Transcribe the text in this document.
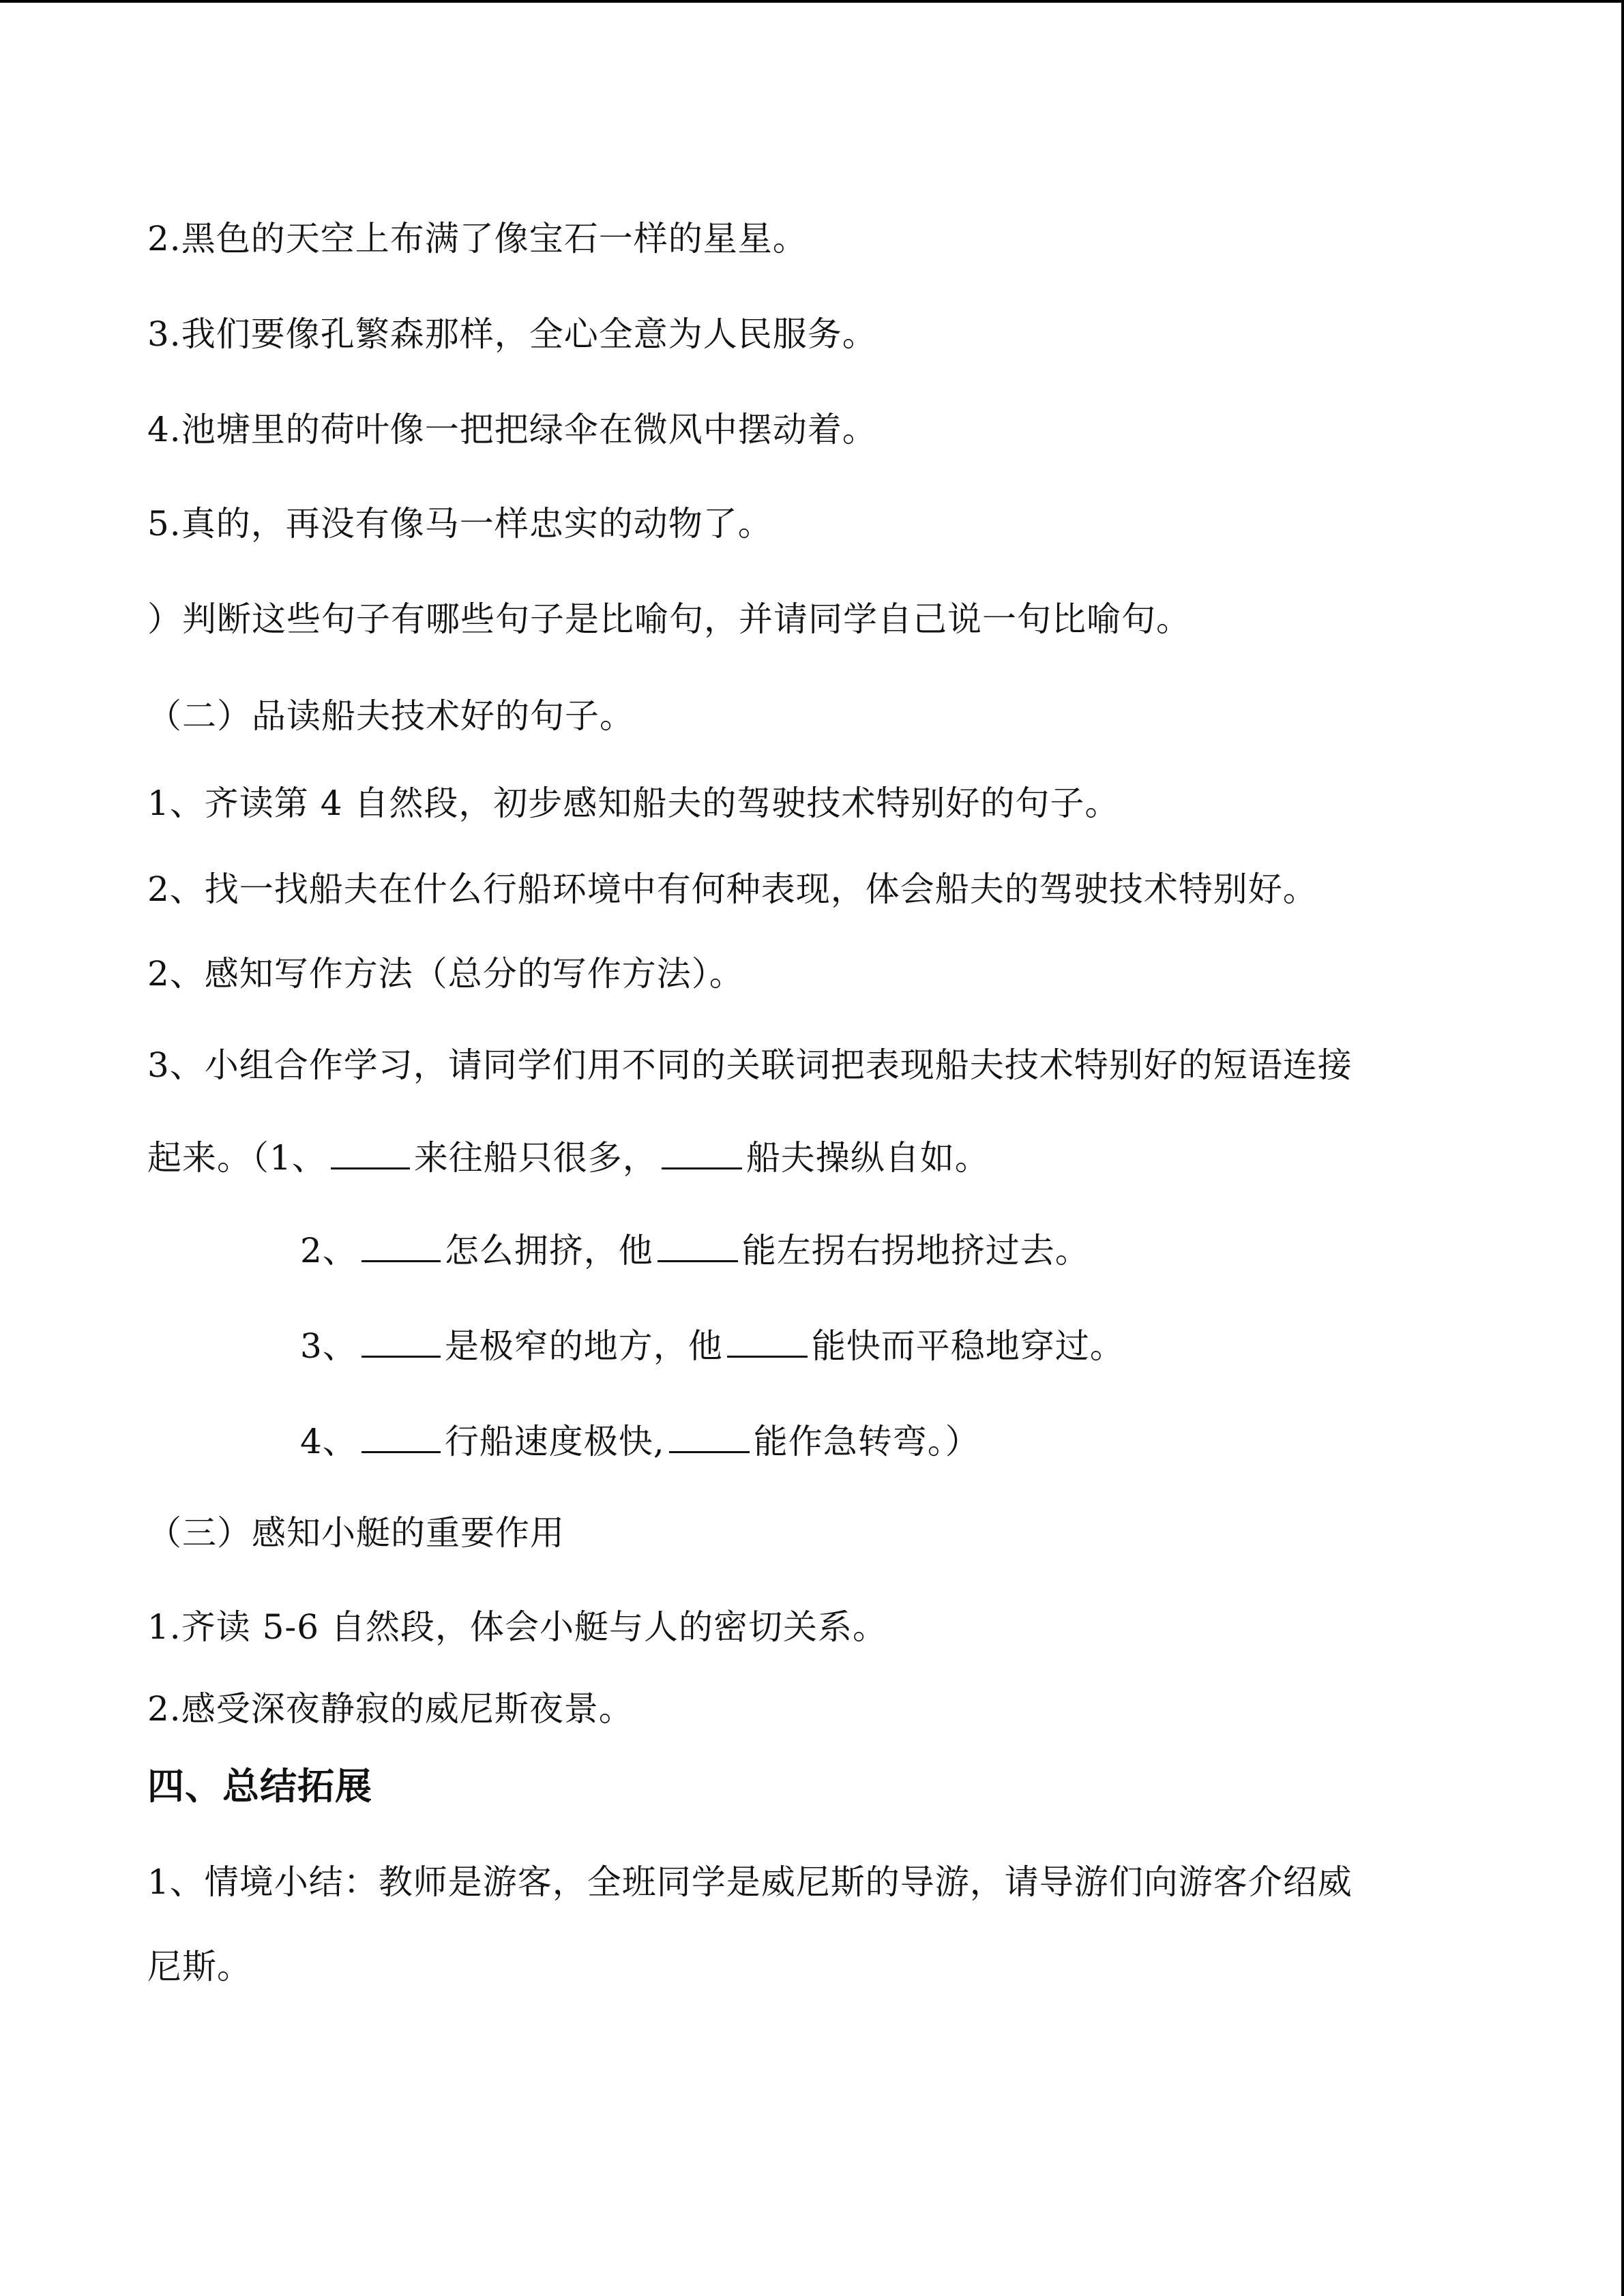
2.黑色的天空上布满了像宝石一样的星星。
3.我们要像孔繁森那样，全心全意为人民服务。
4.池塘里的荷叶像一把把绿伞在微风中摆动着。
5.真的，再没有像马一样忠实的动物了。
）判断这些句子有哪些句子是比喻句，并请同学自己说一句比喻句。
（二）品读船夫技术好的句子。
1、齐读第 4 自然段，初步感知船夫的驾驶技术特别好的句子。
2、找一找船夫在什么行船环境中有何种表现，体会船夫的驾驶技术特别好。
2、感知写作方法（总分的写作方法）。
3、小组合作学习，请同学们用不同的关联词把表现船夫技术特别好的短语连接
起来。（1、	来往船只很多，	船夫操纵自如。
2、	怎么拥挤，他	能左拐右拐地挤过去。
3、	是极窄的地方，他	能快而平稳地穿过。
4、	行船速度极快,	能作急转弯。）
（三）感知小艇的重要作用
1.齐读 5-6 自然段，体会小艇与人的密切关系。
2.感受深夜静寂的威尼斯夜景。
四、总结拓展
1、情境小结：教师是游客，全班同学是威尼斯的导游，请导游们向游客介绍威
尼斯。
